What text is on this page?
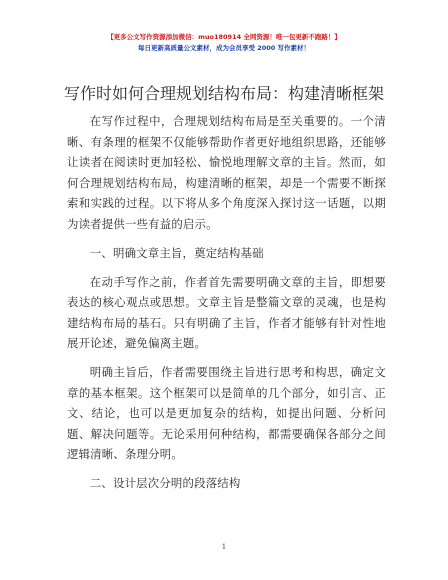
【更多公文写作资源添加微信：muo180914 全网资源！唯一包更新不跑路！】
每日更新高质量公文素材，成为会员享受 2000 写作素材！
写作时如何合理规划结构布局：构建清晰框架

在写作过程中，合理规划结构布局是至关重要的。一个清晰、有条理的框架不仅能够帮助作者更好地组织思路，还能够让读者在阅读时更加轻松、愉悦地理解文章的主旨。然而，如何合理规划结构布局，构建清晰的框架，却是一个需要不断探索和实践的过程。以下将从多个角度深入探讨这一话题，以期为读者提供一些有益的启示。

一、明确文章主旨，奠定结构基础

在动手写作之前，作者首先需要明确文章的主旨，即想要表达的核心观点或思想。文章主旨是整篇文章的灵魂，也是构建结构布局的基石。只有明确了主旨，作者才能够有针对性地展开论述，避免偏离主题。

明确主旨后，作者需要围绕主旨进行思考和构思，确定文章的基本框架。这个框架可以是简单的几个部分，如引言、正文、结论，也可以是更加复杂的结构，如提出问题、分析问题、解决问题等。无论采用何种结构，都需要确保各部分之间逻辑清晰、条理分明。

二、设计层次分明的段落结构
1
